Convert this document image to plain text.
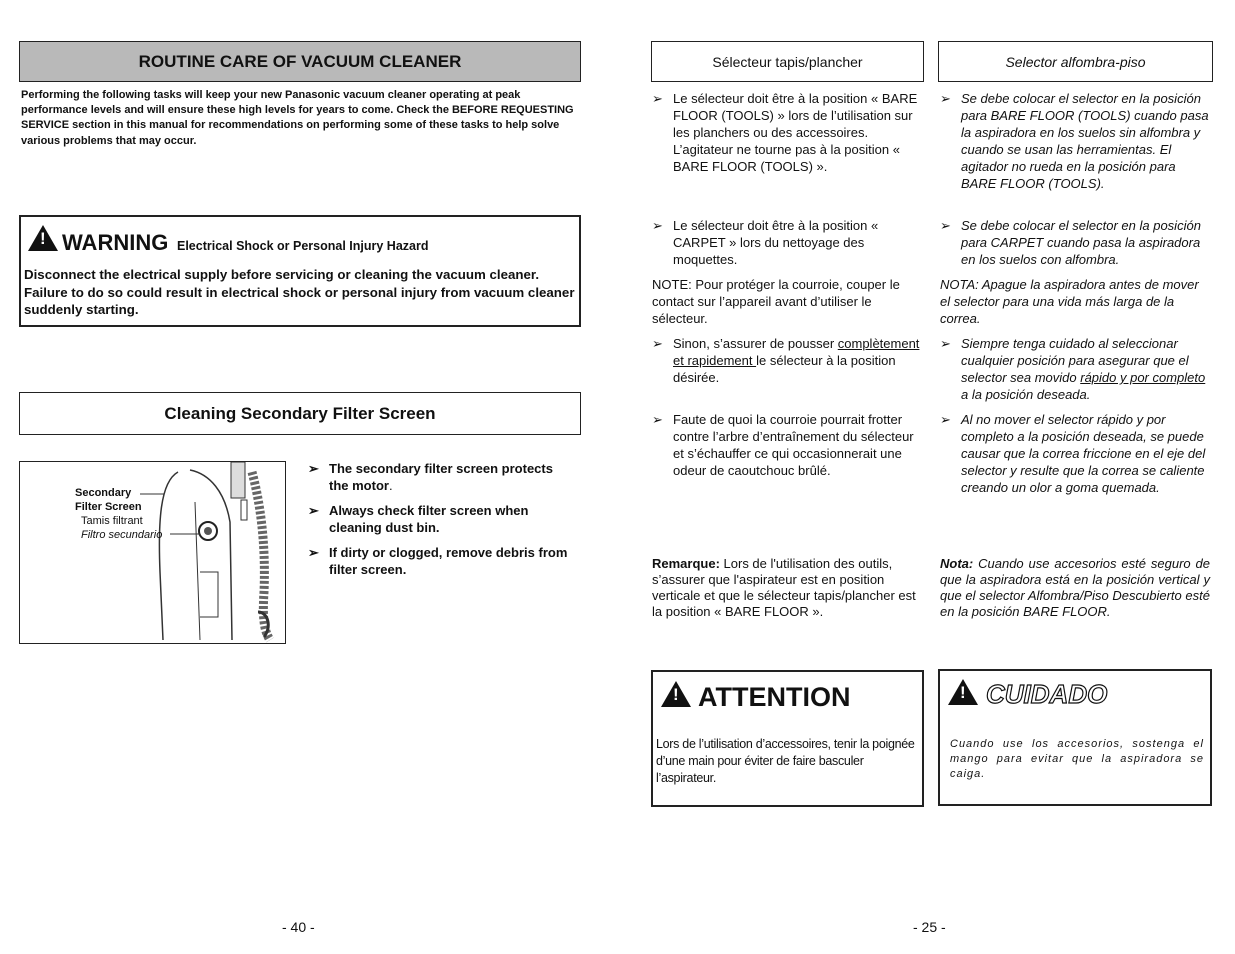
ROUTINE CARE OF VACUUM CLEANER
Performing the following tasks will keep your new Panasonic vacuum cleaner operating at peak performance levels and will ensure these high levels for years to come. Check the BEFORE REQUESTING SERVICE section in this manual for recommendations on performing some of these tasks to help solve various problems that may occur.
!
WARNING Electrical Shock or Personal Injury Hazard
Disconnect the electrical supply before servicing or cleaning the vacuum cleaner. Failure to do so could result in electrical shock or personal injury from vacuum cleaner suddenly starting.
Cleaning Secondary Filter Screen
Secondary
Filter Screen
Tamis filtrant
Filtro secundario
➢ The secondary filter screen protects the motor.
➢ Always check filter screen when cleaning dust bin.
➢ If dirty or clogged, remove debris from filter screen.
- 40 -
Sélecteur tapis/plancher
➢ Le sélecteur doit être à la position « BARE FLOOR (TOOLS) » lors de l’utilisation sur les planchers ou des accessoires. L’agitateur ne tourne pas à la position « BARE FLOOR (TOOLS) ».
➢ Le sélecteur doit être à la position « CARPET » lors du nettoyage des moquettes.
NOTE: Pour protéger la courroie, couper le contact sur l’appareil avant d’utiliser le sélecteur.
➢ Sinon, s’assurer de pousser complètement et rapidement le sélecteur à la position désirée.
➢ Faute de quoi la courroie pourrait frotter contre l’arbre d’entraînement du sélecteur et s’échauffer ce qui occasionnerait une odeur de caoutchouc brûlé.
Remarque: Lors de l'utilisation des outils, s’assurer que l'aspirateur est en position verticale et que le sélecteur tapis/plancher est la position « BARE FLOOR ».
!
ATTENTION
Lors de l’utilisation d’accessoires, tenir la poignée d’une main pour éviter de faire basculer l’aspirateur.
Selector alfombra-piso
➢ Se debe colocar el selector en la posición para BARE FLOOR (TOOLS) cuando pasa la aspiradora en los suelos sin alfombra y cuando se usan las herramientas. El agitador no rueda en la posición para BARE FLOOR (TOOLS).
➢ Se debe colocar el selector en la posición para CARPET cuando pasa la aspiradora en los suelos con alfombra.
NOTA: Apague la aspiradora antes de mover el selector para una vida más larga de la correa.
➢ Siempre tenga cuidado al seleccionar cualquier posición para asegurar que el selector sea movido rápido y por completo a la posición deseada.
➢ Al no mover el selector rápido y por completo a la posición deseada, se puede causar que la correa friccione en el eje del selector y resulte que la correa se caliente creando un olor a goma quemada.
Nota: Cuando use accesorios esté seguro de que la aspiradora está en la posición vertical y que el selector Alfombra/Piso Descubierto esté en la posición BARE FLOOR.
!
CUIDADO
Cuando use los accesorios, sostenga el mango para evitar que la aspiradora se caiga.
- 25 -
